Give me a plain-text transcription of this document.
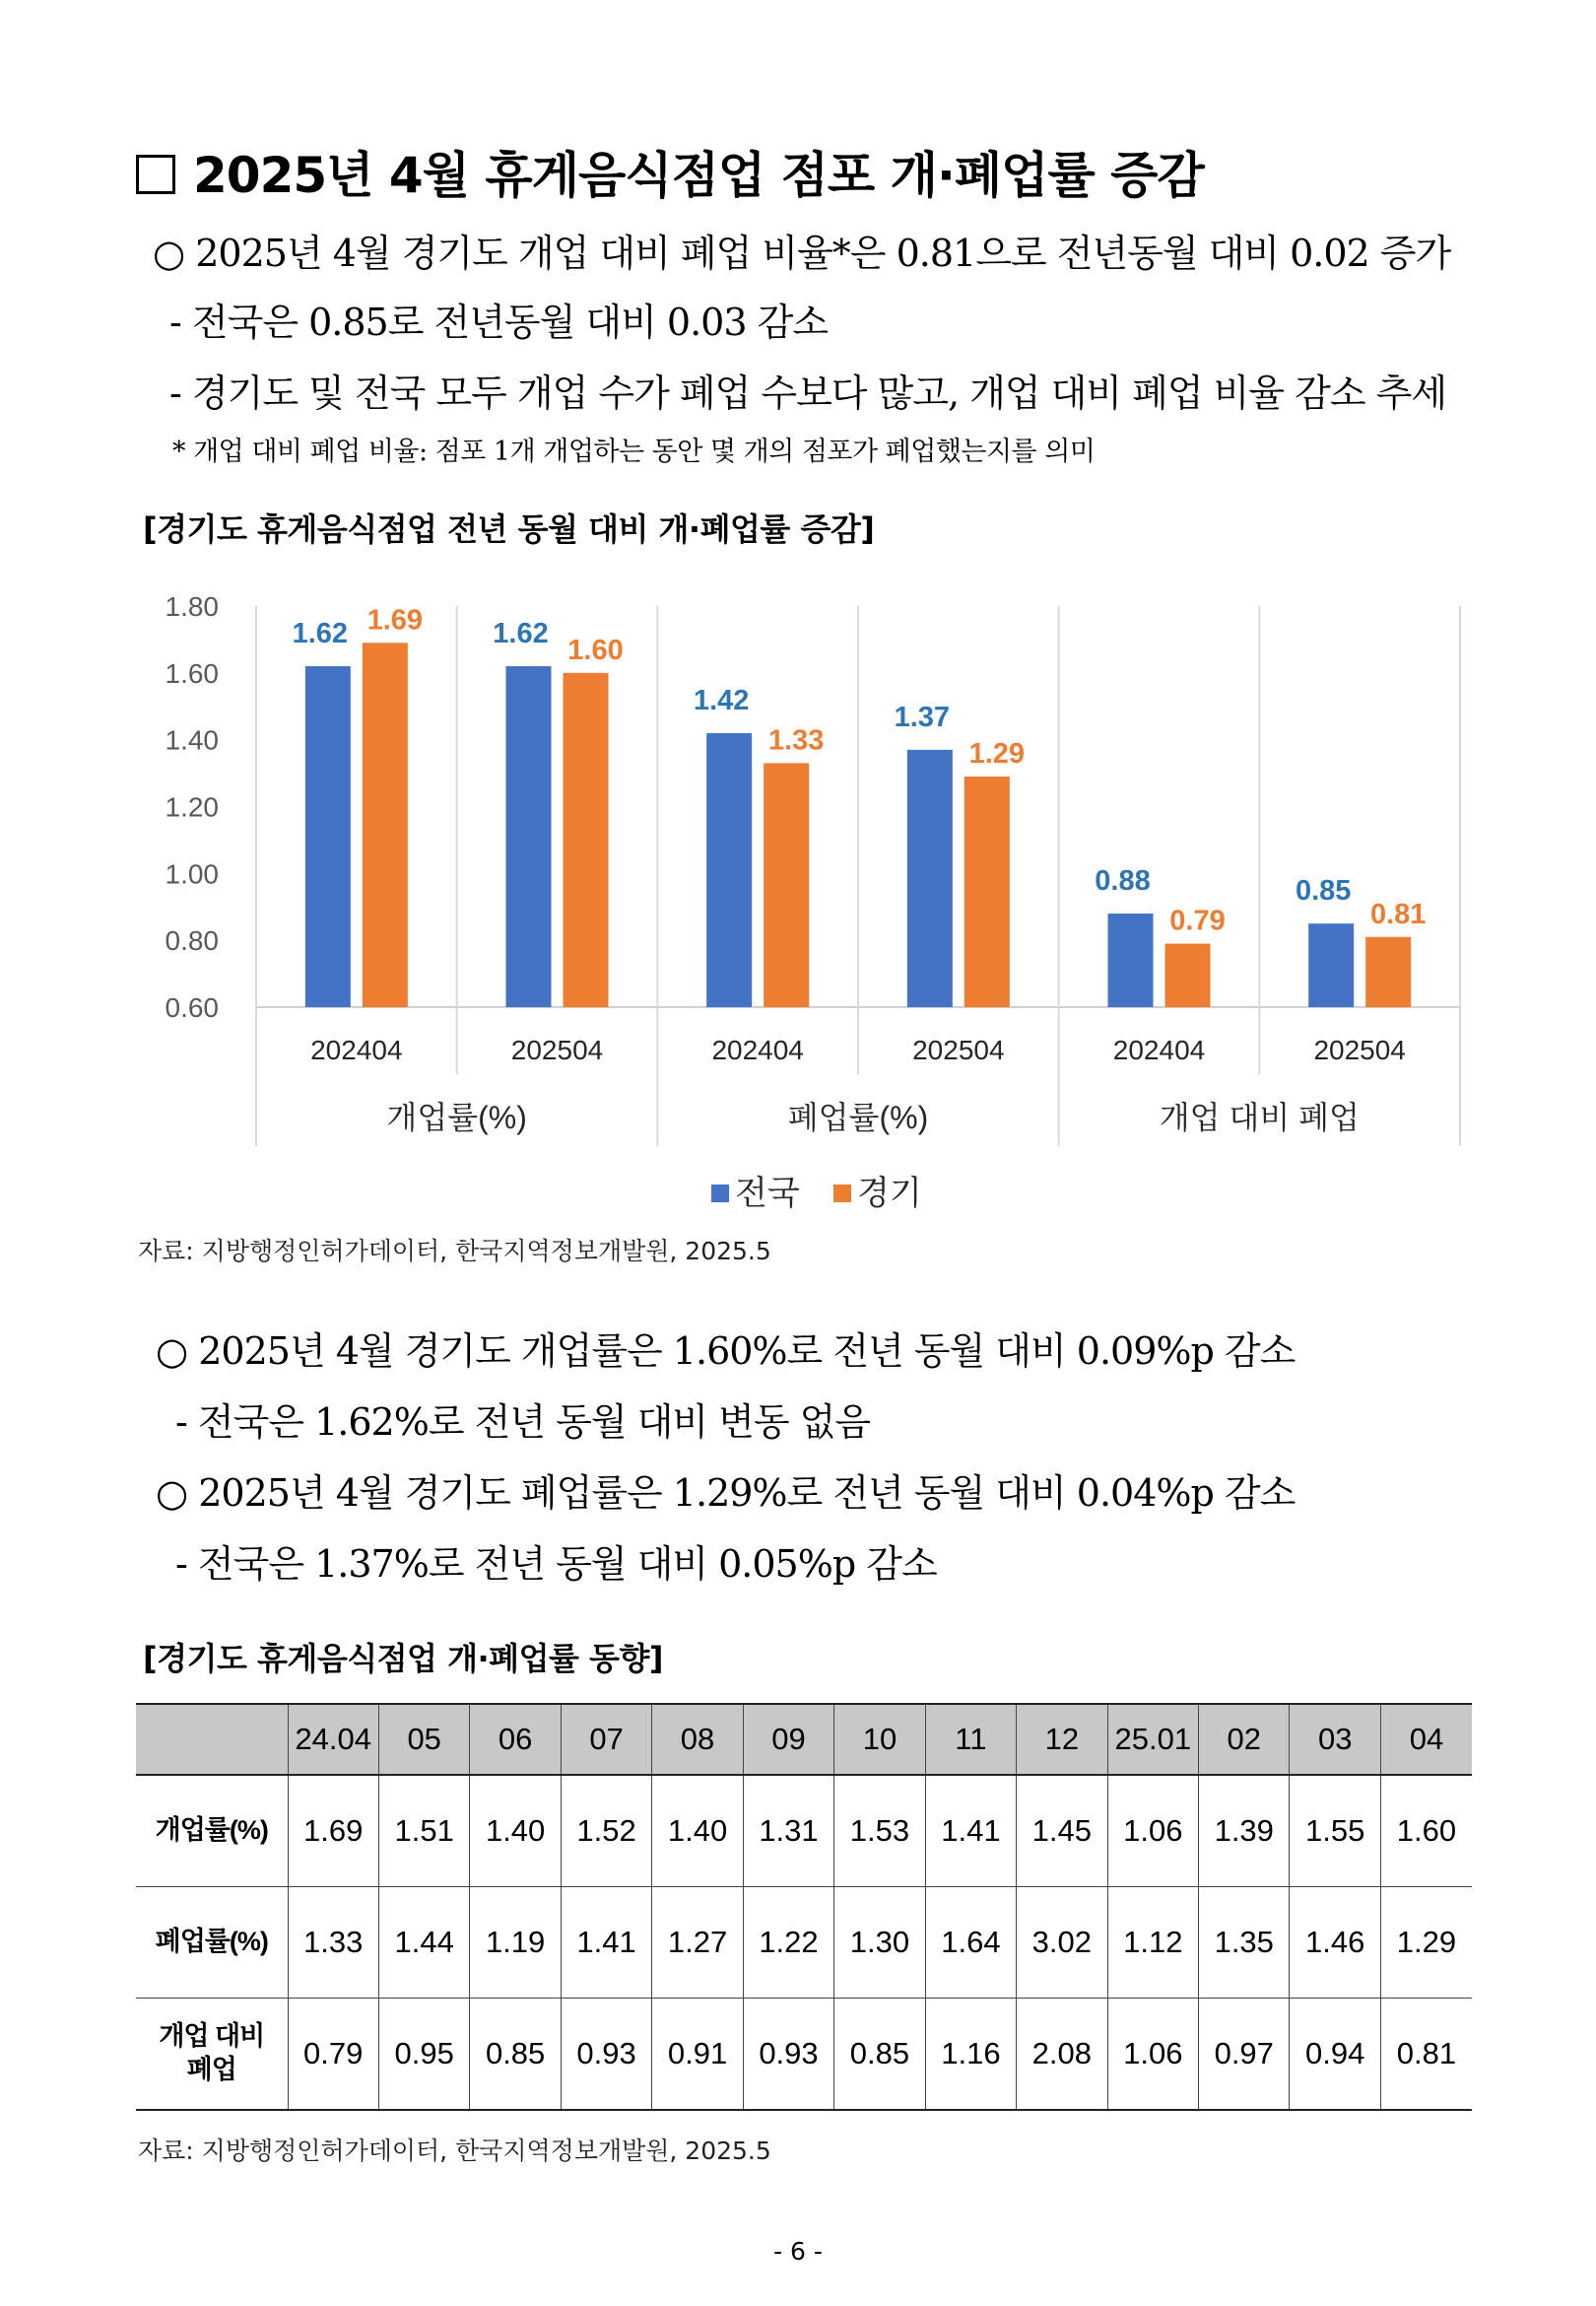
2025년 4월 휴게음식점업 점포 개·폐업률 증감
○ 2025년 4월 경기도 개업 대비 폐업 비율*은 0.81으로 전년동월 대비 0.02 증가
- 전국은 0.85로 전년동월 대비 0.03 감소
- 경기도 및 전국 모두 개업 수가 폐업 수보다 많고, 개업 대비 폐업 비율 감소 추세
* 개업 대비 폐업 비율: 점포 1개 개업하는 동안 몇 개의 점포가 폐업했는지를 의미
[경기도 휴게음식점업 전년 동월 대비 개·폐업률 증감]
1.80
1.60
1.40
1.20
1.00
0.80
0.60
1.62 1.69
202404
1.62
1.60
202504
1.42
1.33
202404
1.37
1.29
202504
0.88
0.79
202404
0.85
0.81
202504
개업률(%)	폐업률(%)	개업 대비 폐업
전국 경기
자료: 지방행정인허가데이터, 한국지역정보개발원, 2025.5
○ 2025년 4월 경기도 개업률은 1.60%로 전년 동월 대비 0.09%p 감소
- 전국은 1.62%로 전년 동월 대비 변동 없음
○ 2025년 4월 경기도 폐업률은 1.29%로 전년 동월 대비 0.04%p 감소
- 전국은 1.37%로 전년 동월 대비 0.05%p 감소
[경기도 휴게음식점업 개·폐업률 동향]
	24.04	05	06	07	08	09	10	11	12	25.01	02	03	04
개업률(%)	1.69	1.51	1.40	1.52	1.40	1.31	1.53	1.41	1.45	1.06	1.39	1.55	1.60
폐업률(%)	1.33	1.44	1.19	1.41	1.27	1.22	1.30	1.64	3.02	1.12	1.35	1.46	1.29
개업 대비
폐업	0.79	0.95	0.85	0.93	0.91	0.93	0.85	1.16	2.08	1.06	0.97	0.94	0.81
자료: 지방행정인허가데이터, 한국지역정보개발원, 2025.5
- 6 -
